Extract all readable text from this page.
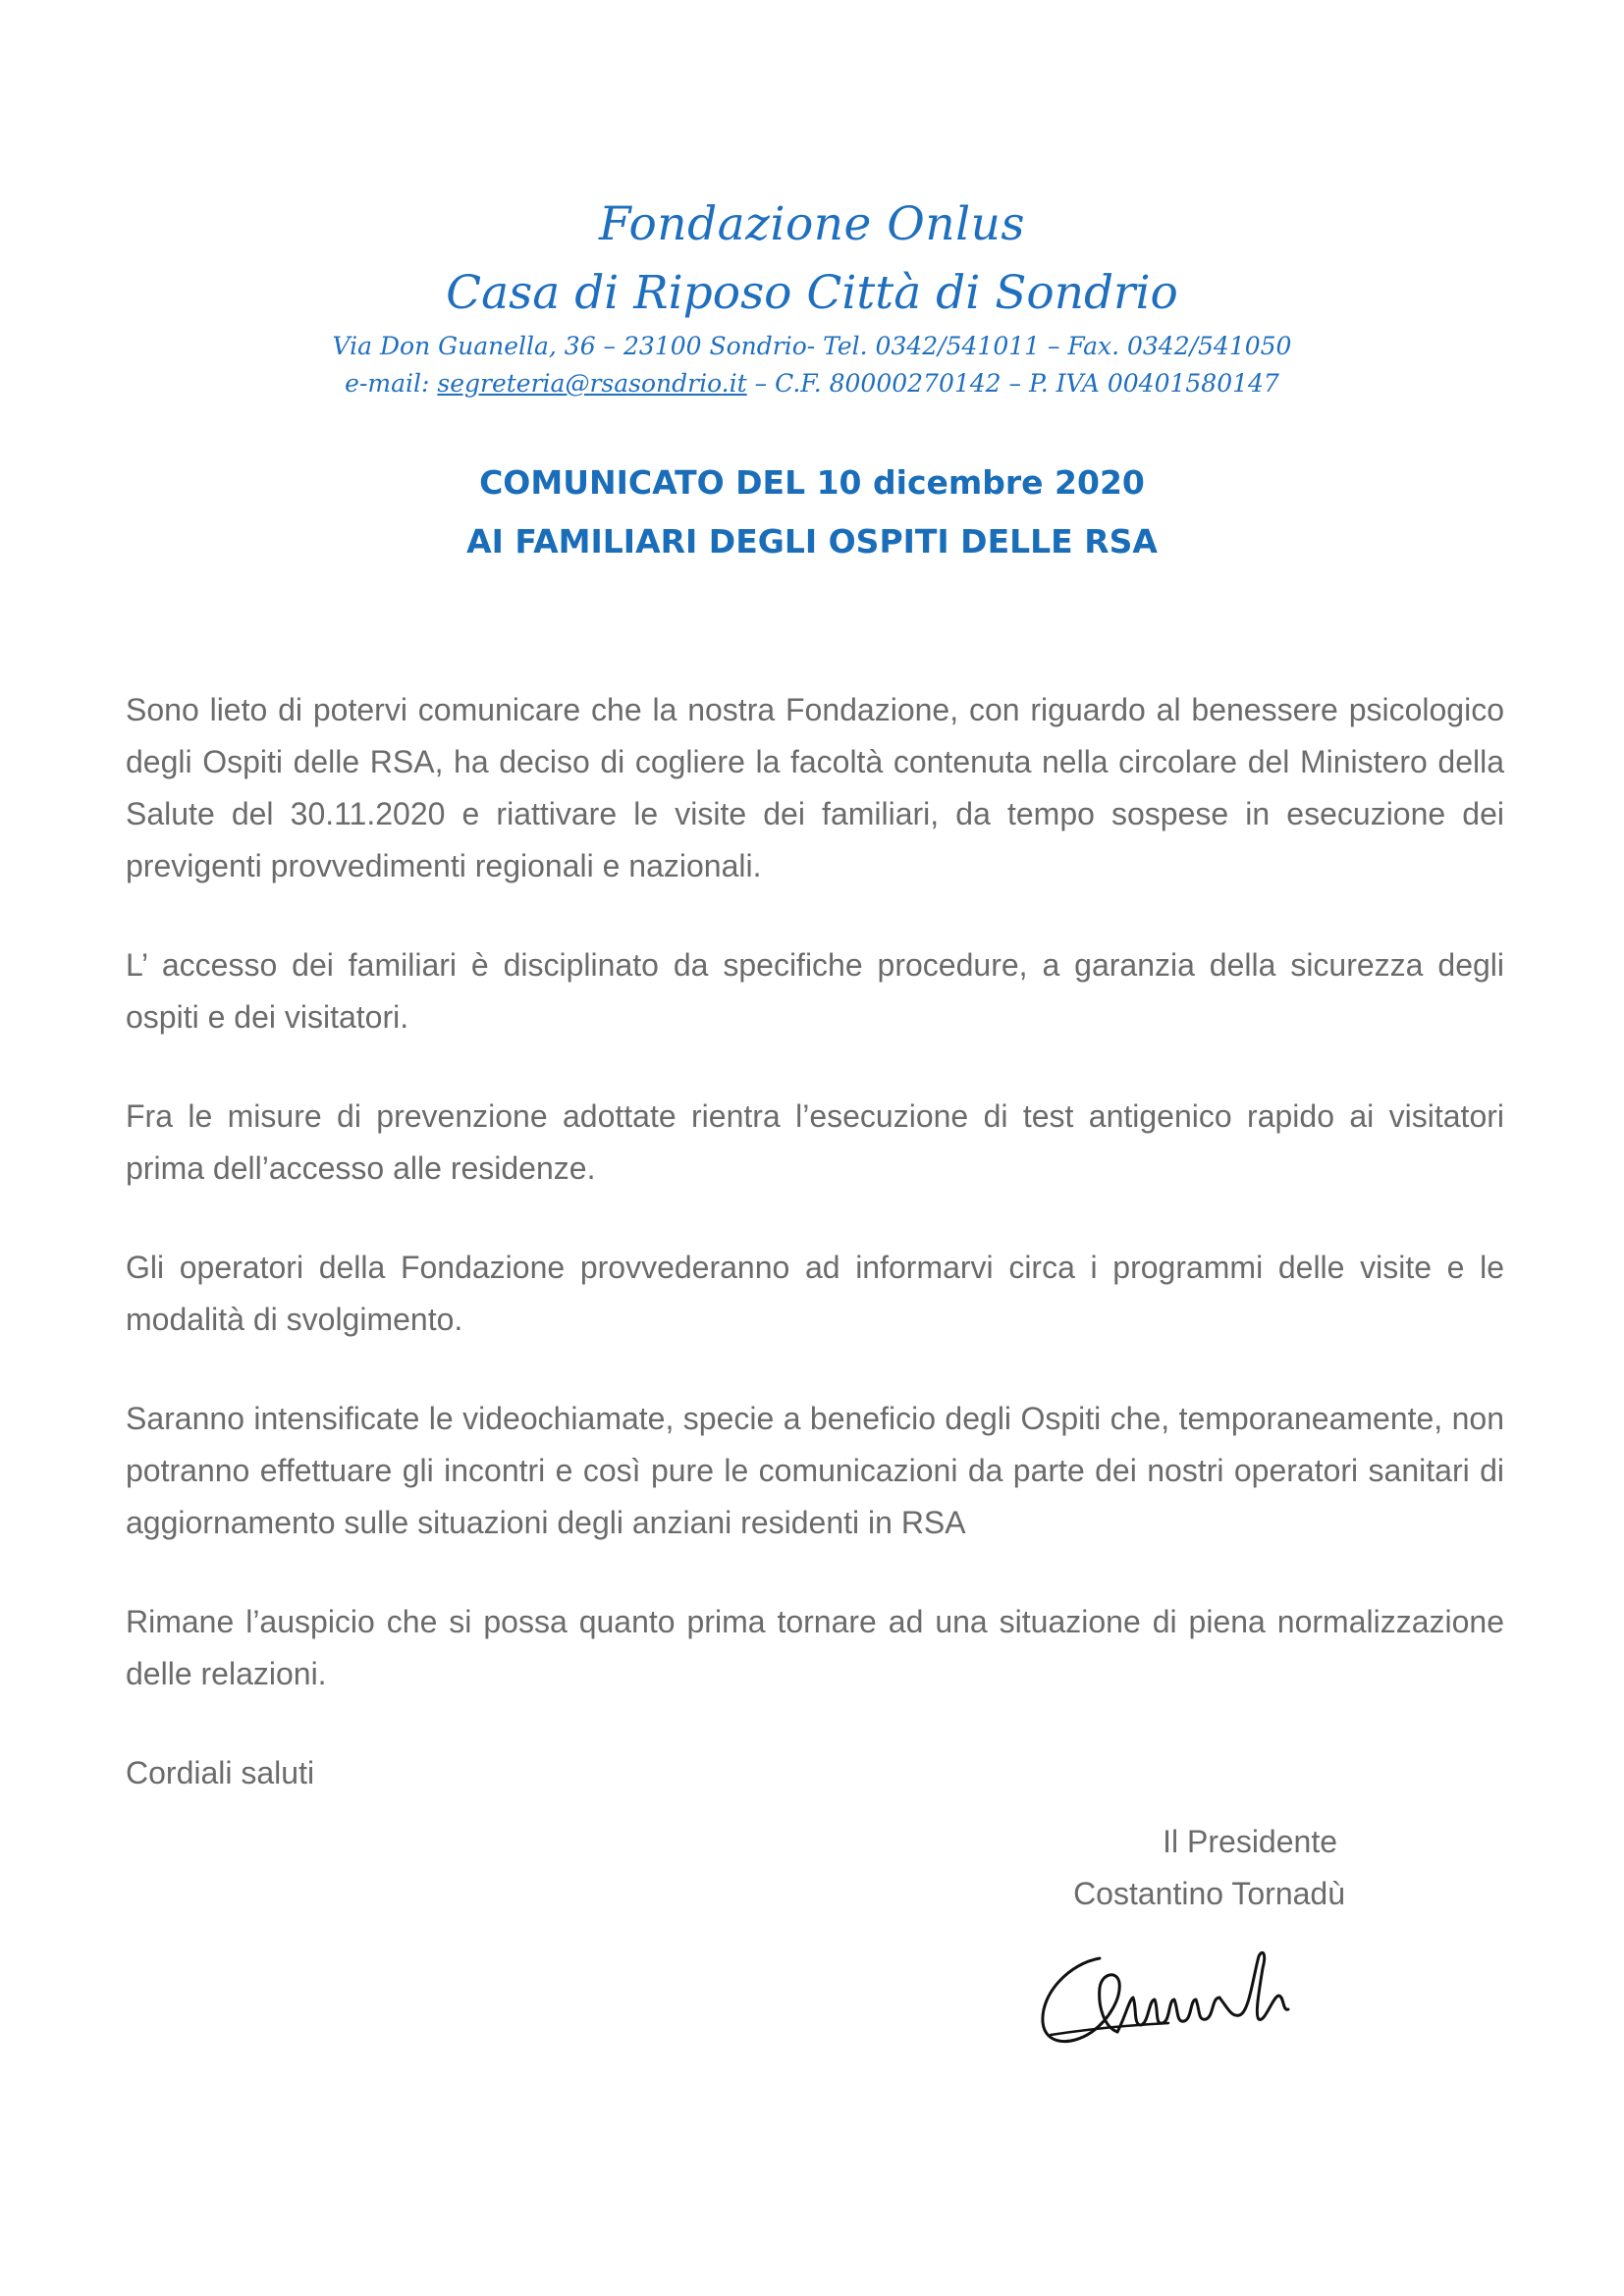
Fondazione Onlus
Casa di Riposo Città di Sondrio
Via Don Guanella, 36 – 23100 Sondrio- Tel. 0342/541011 – Fax. 0342/541050
e-mail: segreteria@rsasondrio.it – C.F. 80000270142 – P. IVA 00401580147
COMUNICATO DEL 10 dicembre 2020
AI FAMILIARI DEGLI OSPITI DELLE RSA

Sono lieto di potervi comunicare che la nostra Fondazione, con riguardo al benessere psicologico degli Ospiti delle RSA, ha deciso di cogliere la facoltà contenuta nella circolare del Ministero della Salute del 30.11.2020 e riattivare le visite dei familiari, da tempo sospese in esecuzione dei previgenti provvedimenti regionali e nazionali.

L’ accesso dei familiari è disciplinato da specifiche procedure, a garanzia della sicurezza degli ospiti e dei visitatori.

Fra le misure di prevenzione adottate rientra l’esecuzione di test antigenico rapido ai visitatori prima dell’accesso alle residenze.

Gli operatori della Fondazione provvederanno ad informarvi circa i programmi delle visite e le modalità di svolgimento.

Saranno intensificate le videochiamate, specie a beneficio degli Ospiti che, temporaneamente, non potranno effettuare gli incontri e così pure le comunicazioni da parte dei nostri operatori sanitari di aggiornamento sulle situazioni degli anziani residenti in RSA

Rimane l’auspicio che si possa quanto prima tornare ad una situazione di piena normalizzazione delle relazioni.

Cordiali saluti

Il Presidente
Costantino Tornadù
